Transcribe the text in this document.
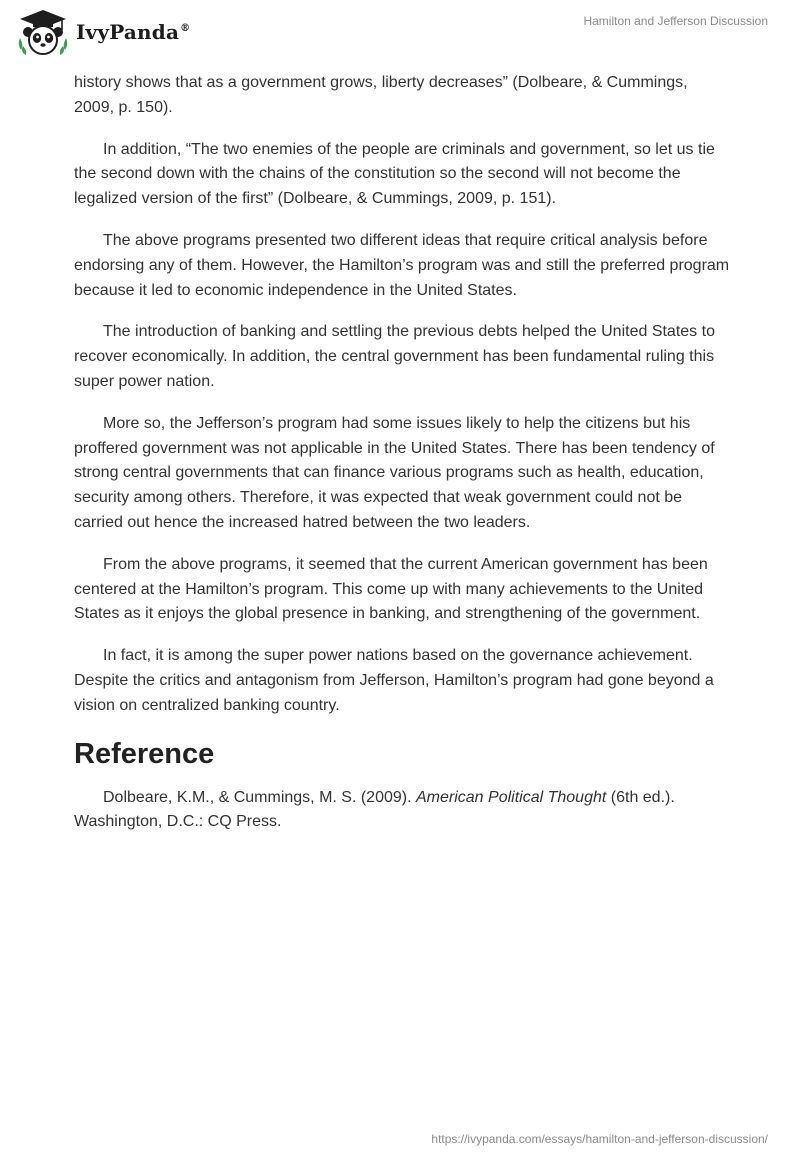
IvyPanda®
Hamilton and Jefferson Discussion

history shows that as a government grows, liberty decreases” (Dolbeare, & Cummings, 2009, p. 150).

In addition, “The two enemies of the people are criminals and government, so let us tie the second down with the chains of the constitution so the second will not become the legalized version of the first” (Dolbeare, & Cummings, 2009, p. 151).

The above programs presented two different ideas that require critical analysis before endorsing any of them. However, the Hamilton’s program was and still the preferred program because it led to economic independence in the United States.

The introduction of banking and settling the previous debts helped the United States to recover economically. In addition, the central government has been fundamental ruling this super power nation.

More so, the Jefferson’s program had some issues likely to help the citizens but his proffered government was not applicable in the United States. There has been tendency of strong central governments that can finance various programs such as health, education, security among others. Therefore, it was expected that weak government could not be carried out hence the increased hatred between the two leaders.

From the above programs, it seemed that the current American government has been centered at the Hamilton’s program. This come up with many achievements to the United States as it enjoys the global presence in banking, and strengthening of the government.

In fact, it is among the super power nations based on the governance achievement. Despite the critics and antagonism from Jefferson, Hamilton’s program had gone beyond a vision on centralized banking country.

Reference

Dolbeare, K.M., & Cummings, M. S. (2009). American Political Thought (6th ed.). Washington, D.C.: CQ Press.

https://ivypanda.com/essays/hamilton-and-jefferson-discussion/
